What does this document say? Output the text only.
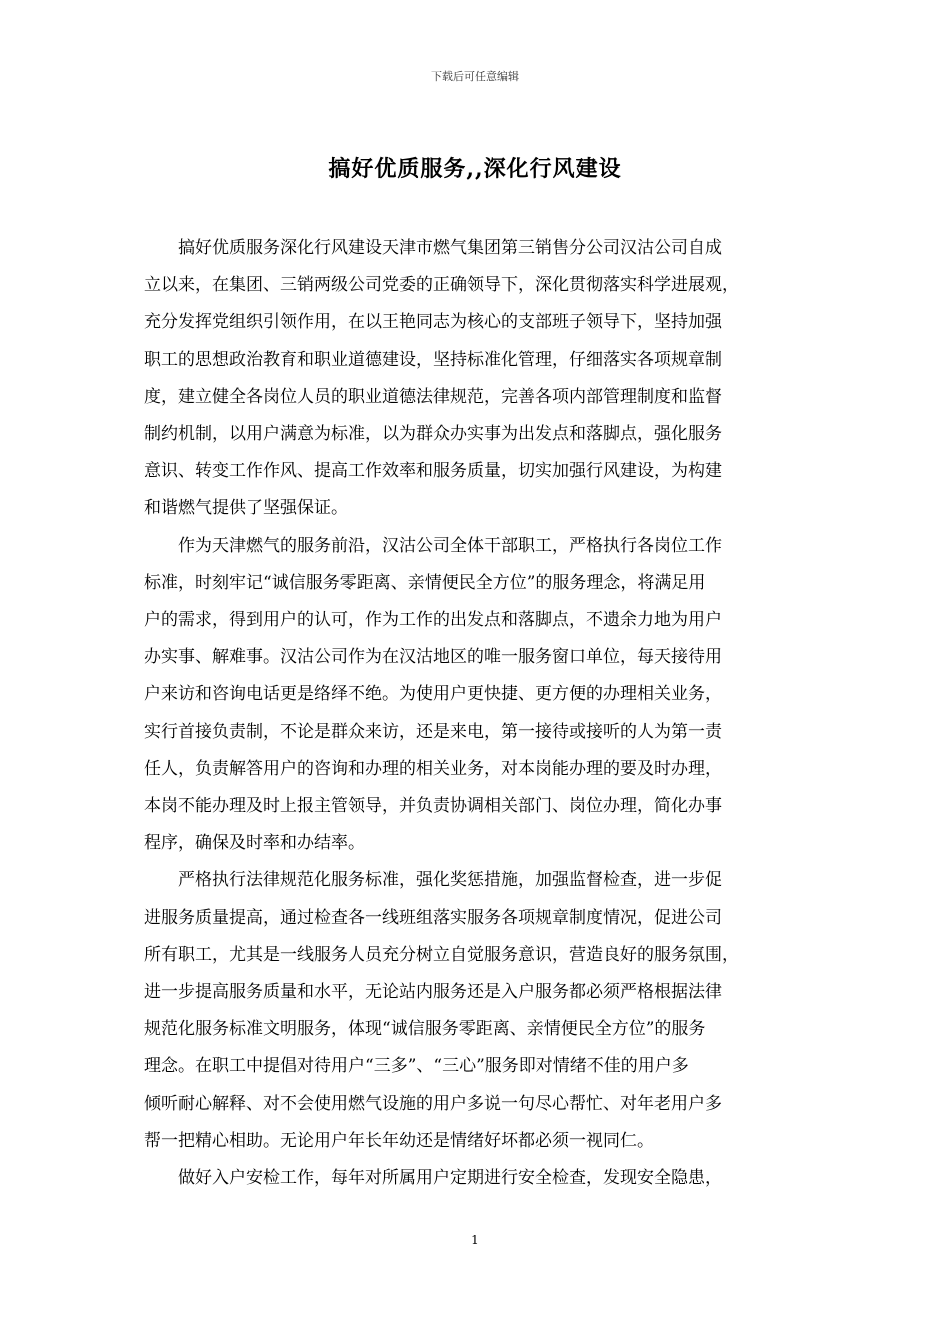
下载后可任意编辑
搞好优质服务,,深化行风建设

搞好优质服务深化行风建设天津市燃气集团第三销售分公司汉沽公司自成
立以来，在集团、三销两级公司党委的正确领导下，深化贯彻落实科学进展观，
充分发挥党组织引领作用，在以王艳同志为核心的支部班子领导下，坚持加强
职工的思想政治教育和职业道德建设，坚持标准化管理，仔细落实各项规章制
度，建立健全各岗位人员的职业道德法律规范，完善各项内部管理制度和监督
制约机制，以用户满意为标准，以为群众办实事为出发点和落脚点，强化服务
意识、转变工作作风、提高工作效率和服务质量，切实加强行风建设，为构建
和谐燃气提供了坚强保证。

作为天津燃气的服务前沿，汉沽公司全体干部职工，严格执行各岗位工作
标准，时刻牢记“诚信服务零距离、亲情便民全方位”的服务理念，将满足用
户的需求，得到用户的认可，作为工作的出发点和落脚点，不遗余力地为用户
办实事、解难事。汉沽公司作为在汉沽地区的唯一服务窗口单位，每天接待用
户来访和咨询电话更是络绎不绝。为使用户更快捷、更方便的办理相关业务，
实行首接负责制，不论是群众来访，还是来电，第一接待或接听的人为第一责
任人，负责解答用户的咨询和办理的相关业务，对本岗能办理的要及时办理，
本岗不能办理及时上报主管领导，并负责协调相关部门、岗位办理，简化办事
程序，确保及时率和办结率。

严格执行法律规范化服务标准，强化奖惩措施，加强监督检查，进一步促
进服务质量提高，通过检查各一线班组落实服务各项规章制度情况，促进公司
所有职工，尤其是一线服务人员充分树立自觉服务意识，营造良好的服务氛围，
进一步提高服务质量和水平，无论站内服务还是入户服务都必须严格根据法律
规范化服务标准文明服务，体现“诚信服务零距离、亲情便民全方位”的服务
理念。在职工中提倡对待用户“三多”、“三心”服务即对情绪不佳的用户多
倾听耐心解释、对不会使用燃气设施的用户多说一句尽心帮忙、对年老用户多
帮一把精心相助。无论用户年长年幼还是情绪好坏都必须一视同仁。

做好入户安检工作，每年对所属用户定期进行安全检查，发现安全隐患，

1
